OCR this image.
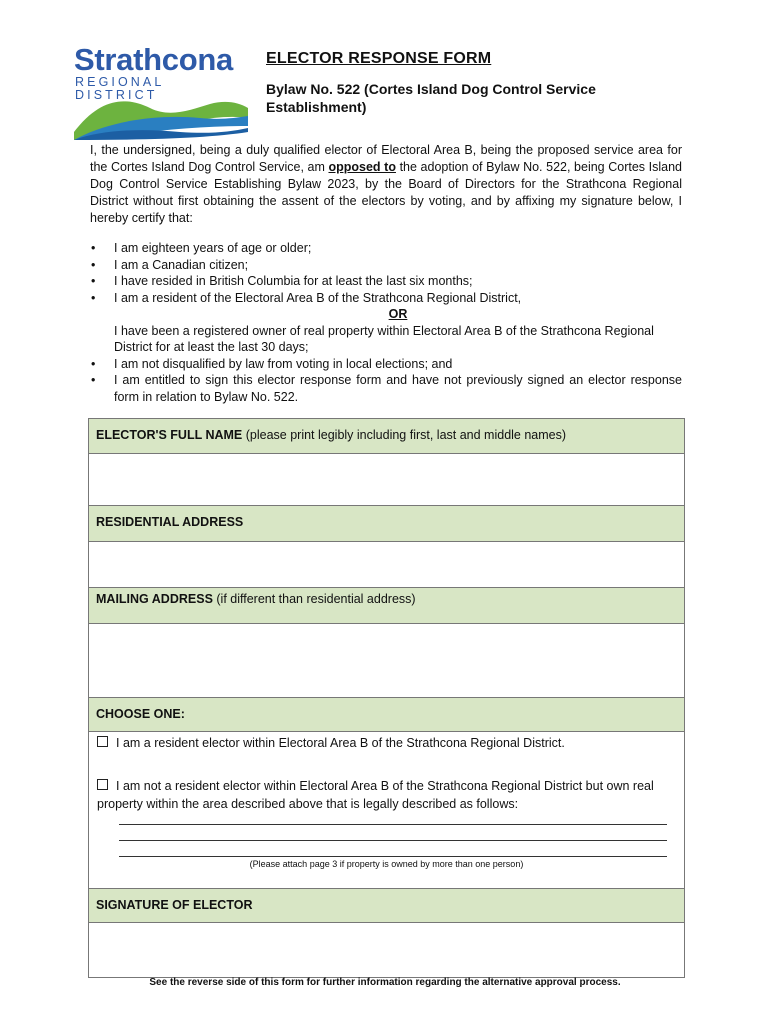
Strathcona
REGIONAL DISTRICT
ELECTOR RESPONSE FORM
Bylaw No. 522 (Cortes Island Dog Control Service Establishment)
I, the undersigned, being a duly qualified elector of Electoral Area B, being the proposed service area for the Cortes Island Dog Control Service, am opposed to the adoption of Bylaw No. 522, being Cortes Island Dog Control Service Establishing Bylaw 2023, by the Board of Directors for the Strathcona Regional District without first obtaining the assent of the electors by voting, and by affixing my signature below, I hereby certify that:
• I am eighteen years of age or older;
• I am a Canadian citizen;
• I have resided in British Columbia for at least the last six months;
• I am a resident of the Electoral Area B of the Strathcona Regional District,
OR
I have been a registered owner of real property within Electoral Area B of the Strathcona Regional District for at least the last 30 days;
• I am not disqualified by law from voting in local elections; and
• I am entitled to sign this elector response form and have not previously signed an elector response form in relation to Bylaw No. 522.
ELECTOR'S FULL NAME (please print legibly including first, last and middle names)
RESIDENTIAL ADDRESS
MAILING ADDRESS (if different than residential address)
CHOOSE ONE:
I am a resident elector within Electoral Area B of the Strathcona Regional District.
I am not a resident elector within Electoral Area B of the Strathcona Regional District but own real property within the area described above that is legally described as follows:
(Please attach page 3 if property is owned by more than one person)
SIGNATURE OF ELECTOR
See the reverse side of this form for further information regarding the alternative approval process.
